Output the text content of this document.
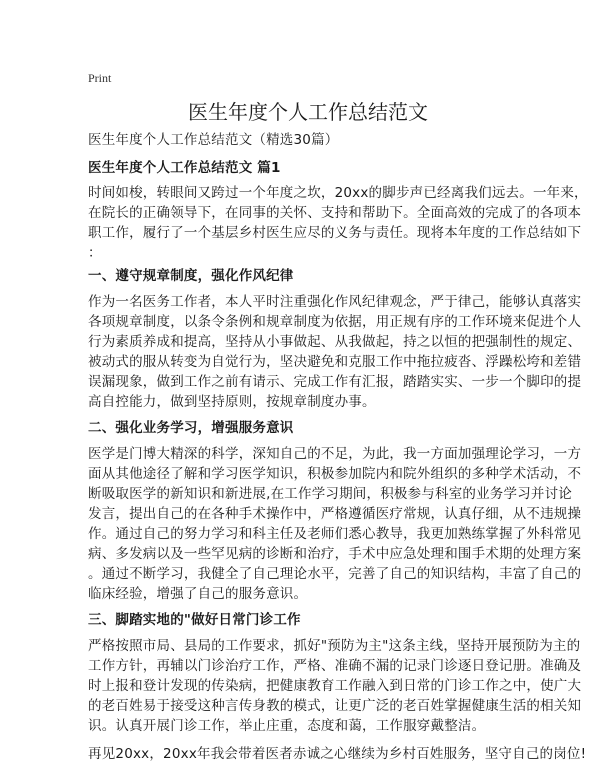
Print
医生年度个人工作总结范文
医生年度个人工作总结范文（精选30篇）
医生年度个人工作总结范文 篇1
时间如梭，转眼间又跨过一个年度之坎，20xx的脚步声已经离我们远去。一年来，
在院长的正确领导下，在同事的关怀、支持和帮助下。全面高效的完成了的各项本
职工作，履行了一个基层乡村医生应尽的义务与责任。现将本年度的工作总结如下
：
一、遵守规章制度，强化作风纪律
作为一名医务工作者，本人平时注重强化作风纪律观念，严于律己，能够认真落实
各项规章制度，以条令条例和规章制度为依据，用正规有序的工作环境来促进个人
行为素质养成和提高，坚持从小事做起、从我做起，持之以恒的把强制性的规定、
被动式的服从转变为自觉行为，坚决避免和克服工作中拖拉疲沓、浮躁松垮和差错
误漏现象，做到工作之前有请示、完成工作有汇报，踏踏实实、一步一个脚印的提
高自控能力，做到坚持原则，按规章制度办事。
二、强化业务学习，增强服务意识
医学是门博大精深的科学，深知自己的不足，为此，我一方面加强理论学习，一方
面从其他途径了解和学习医学知识，积极参加院内和院外组织的多种学术活动，不
断吸取医学的新知识和新进展,在工作学习期间，积极参与科室的业务学习并讨论
发言，提出自己的在各种手术操作中，严格遵循医疗常规，认真仔细，从不违规操
作。通过自己的努力学习和科主任及老师们悉心教导，我更加熟练掌握了外科常见
病、多发病以及一些罕见病的诊断和治疗，手术中应急处理和围手术期的处理方案
。通过不断学习，我健全了自己理论水平，完善了自己的知识结构，丰富了自己的
临床经验，增强了自己的服务意识。
三、脚踏实地的"做好日常门诊工作
严格按照市局、县局的工作要求，抓好"预防为主"这条主线，坚持开展预防为主的
工作方针，再辅以门诊治疗工作，严格、准确不漏的记录门诊逐日登记册。准确及
时上报和登计发现的传染病，把健康教育工作融入到日常的门诊工作之中，使广大
的老百姓易于接受这种言传身教的模式，让更广泛的老百姓掌握健康生活的相关知
识。认真开展门诊工作，举止庄重，态度和蔼，工作服穿戴整洁。
再见20xx，20xx年我会带着医者赤诚之心继续为乡村百姓服务，坚守自己的岗位!
